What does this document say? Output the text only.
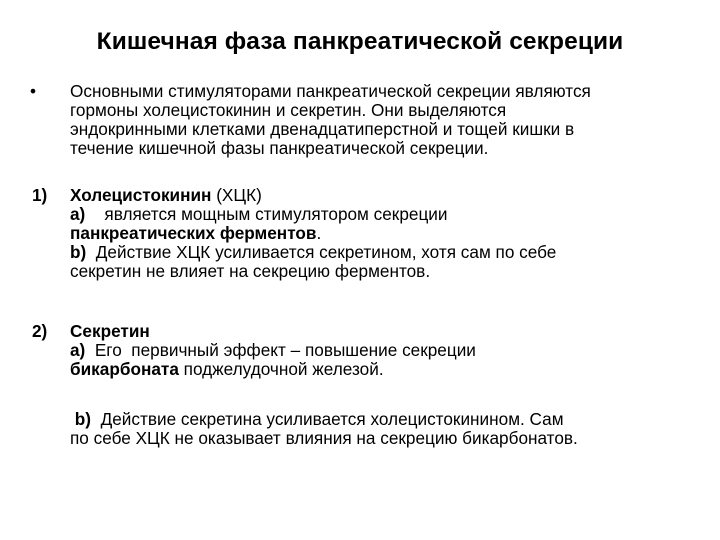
Кишечная фаза панкреатической секреции
• Основными стимуляторами панкреатической секреции являются
гормоны холецистокинин и секретин. Они выделяются
эндокринными клетками двенадцатиперстной и тощей кишки в
течение кишечной фазы панкреатической секреции.
1) Холецистокинин (ХЦК)
a)    является мощным стимулятором секреции
панкреатических ферментов.
b)  Действие ХЦК усиливается секретином, хотя сам по себе
секретин не влияет на секрецию ферментов.
2) Секретин
a)  Его  первичный эффект – повышение секреции
бикарбоната поджелудочной железой.
b)  Действие секретина усиливается холецистокинином. Сам
по себе ХЦК не оказывает влияния на секрецию бикарбонатов.
